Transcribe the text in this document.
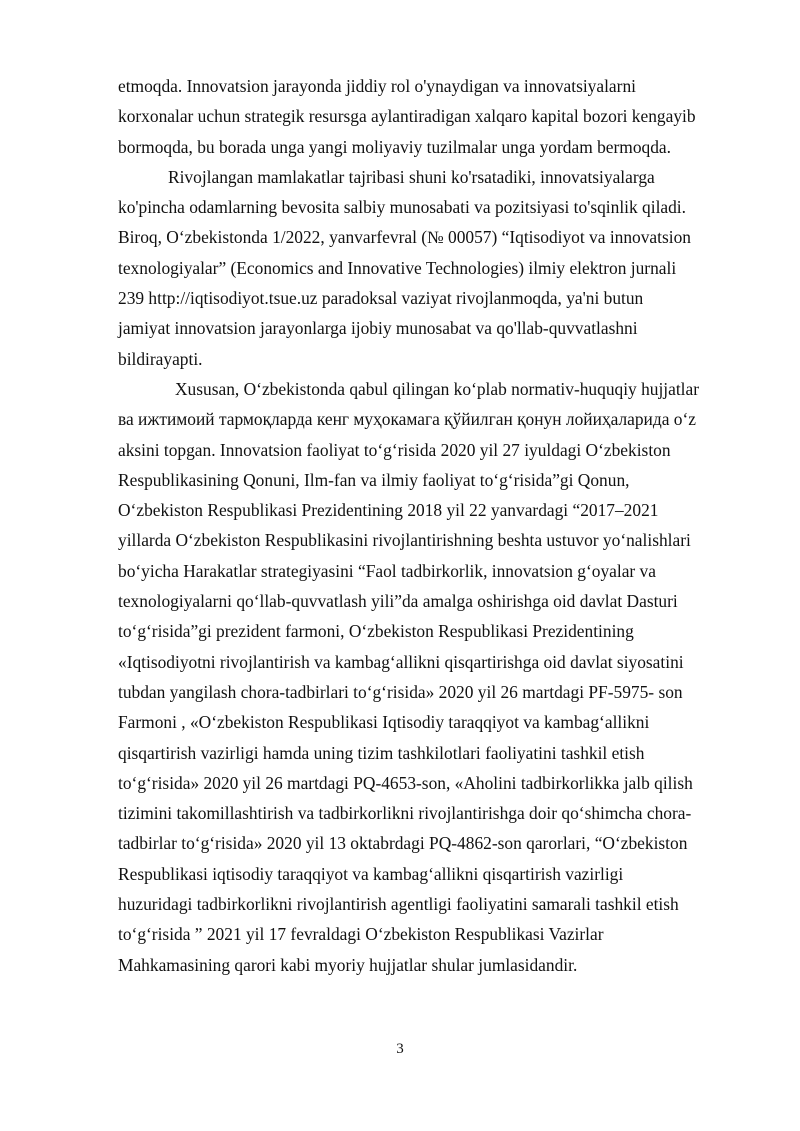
etmoqda. Innovatsion jarayonda jiddiy rol o'ynaydigan va innovatsiyalarni
korxonalar uchun strategik resursga aylantiradigan xalqaro kapital bozori kengayib
bormoqda, bu borada unga yangi moliyaviy tuzilmalar unga yordam bermoqda.
Rivojlangan mamlakatlar tajribasi shuni ko'rsatadiki, innovatsiyalarga
ko'pincha odamlarning bevosita salbiy munosabati va pozitsiyasi to'sqinlik qiladi.
Biroq, O‘zbekistonda 1/2022, yanvarfevral (№ 00057) “Iqtisodiyot va innovatsion
texnologiyalar” (Economics and Innovative Technologies) ilmiy elektron jurnali
239 http://iqtisodiyot.tsue.uz paradoksal vaziyat rivojlanmoqda, ya'ni butun
jamiyat innovatsion jarayonlarga ijobiy munosabat va qo'llab-quvvatlashni
bildirayapti.
Xususan, O‘zbekistonda qabul qilingan ko‘plab normativ-huquqiy hujjatlar
ва ижтимоий тармоқларда кенг муҳокамага қўйилган қонун лойиҳаларида o‘z
aksini topgan. Innovatsion faoliyat to‘g‘risida 2020 yil 27 iyuldagi O‘zbekiston
Respublikasining Qonuni, Ilm-fan va ilmiy faoliyat to‘g‘risida”gi Qonun,
O‘zbekiston Respublikasi Prezidentining 2018 yil 22 yanvardagi “2017–2021
yillarda O‘zbekiston Respublikasini rivojlantirishning beshta ustuvor yo‘nalishlari
bo‘yicha Harakatlar strategiyasini “Faol tadbirkorlik, innovatsion g‘oyalar va
texnologiyalarni qo‘llab-quvvatlash yili”da amalga oshirishga oid davlat Dasturi
to‘g‘risida”gi prezident farmoni, O‘zbekiston Respublikasi Prezidentining
«Iqtisodiyotni rivojlantirish va kambag‘allikni qisqartirishga oid davlat siyosatini
tubdan yangilash chora-tadbirlari to‘g‘risida» 2020 yil 26 martdagi PF-5975- son
Farmoni , «O‘zbekiston Respublikasi Iqtisodiy taraqqiyot va kambag‘allikni
qisqartirish vazirligi hamda uning tizim tashkilotlari faoliyatini tashkil etish
to‘g‘risida» 2020 yil 26 martdagi PQ-4653-son, «Aholini tadbirkorlikka jalb qilish
tizimini takomillashtirish va tadbirkorlikni rivojlantirishga doir qo‘shimcha chora-
tadbirlar to‘g‘risida» 2020 yil 13 oktabrdagi PQ-4862-son qarorlari, “O‘zbekiston
Respublikasi iqtisodiy taraqqiyot va kambag‘allikni qisqartirish vazirligi
huzuridagi tadbirkorlikni rivojlantirish agentligi faoliyatini samarali tashkil etish
to‘g‘risida ” 2021 yil 17 fevraldagi O‘zbekiston Respublikasi Vazirlar
Mahkamasining qarori kabi myoriy hujjatlar shular jumlasidandir.
3
